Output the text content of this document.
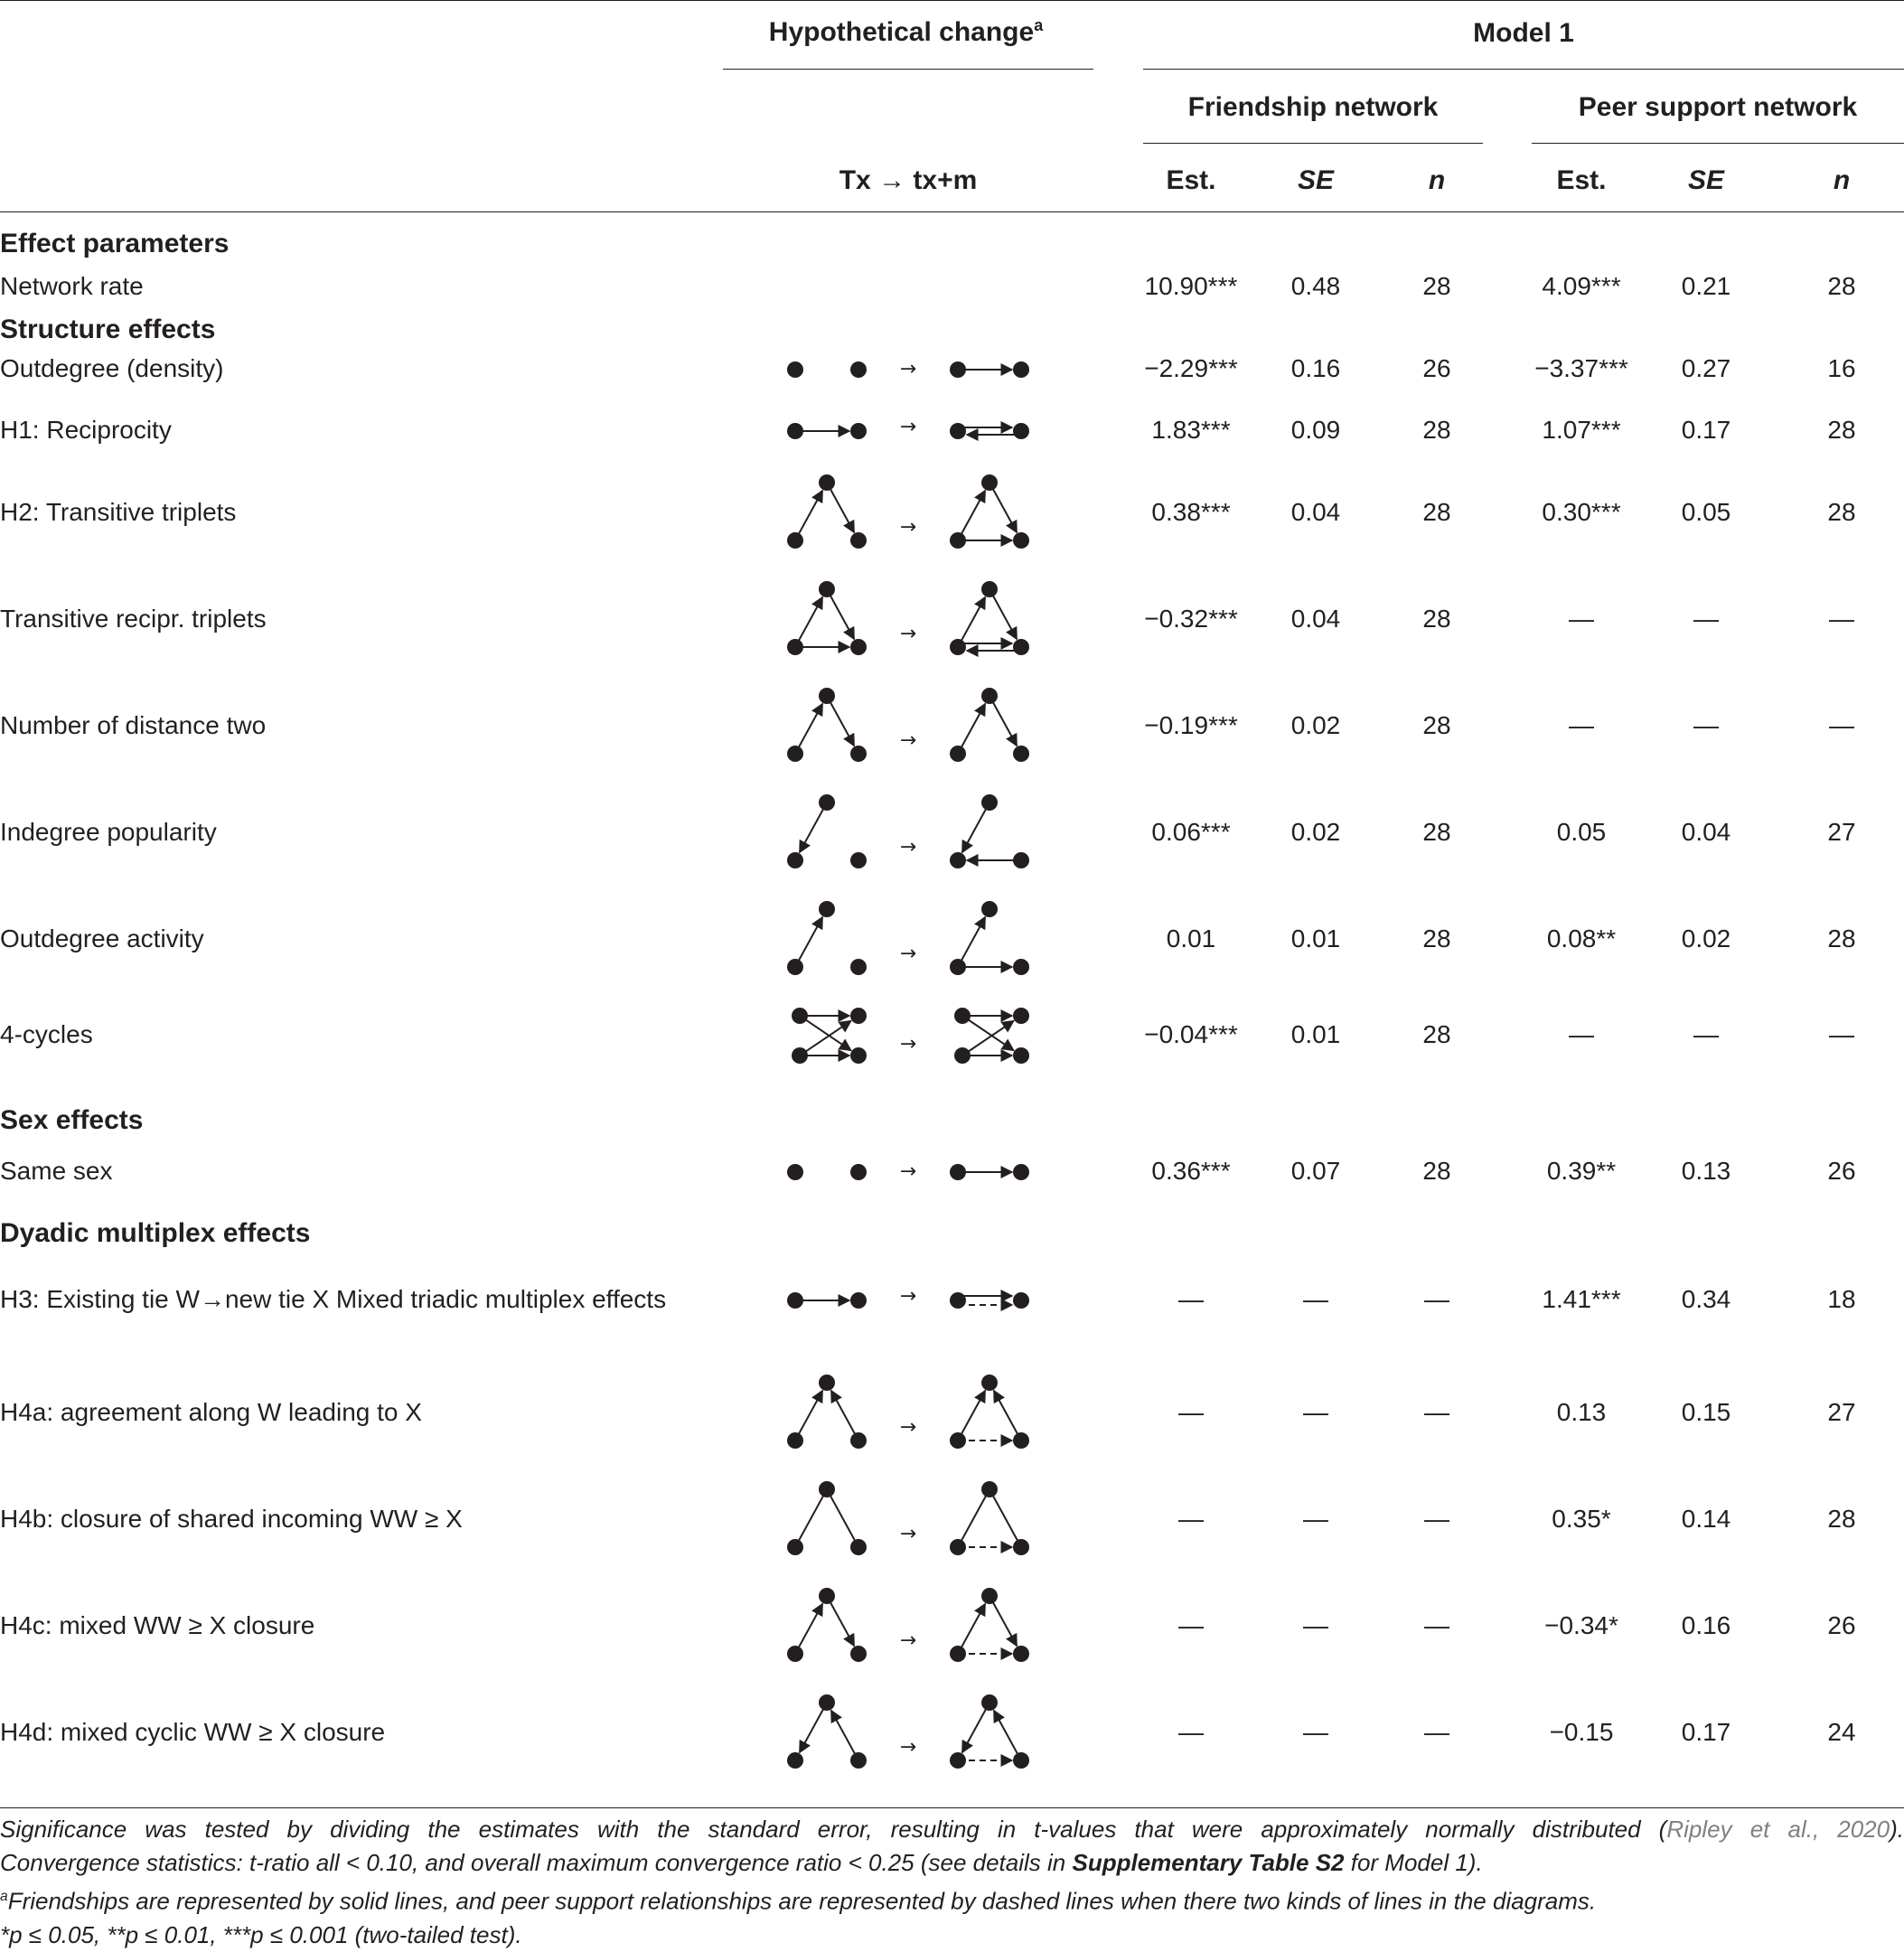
Hypothetical change$^a$	Model 1
Friendship network	Peer support network
Tx → tx+m	Est.	SE	n	Est.	SE	n
Effect parameters
Structure effects
Sex effects
Dyadic multiplex effects
Network rate	10.90***	0.48	28	4.09***	0.21	28
Outdegree (density)	−2.29***	0.16	26	−3.37***	0.27	16
→
H1: Reciprocity	1.83***	0.09	28	1.07***	0.17	28
→
H2: Transitive triplets	0.38***	0.04	28	0.30***	0.05	28
→
Transitive recipr. triplets	−0.32***	0.04	28	—	—	—
→
Number of distance two	−0.19***	0.02	28	—	—	—
→
Indegree popularity	0.06***	0.02	28	0.05	0.04	27
→
Outdegree activity	0.01	0.01	28	0.08**	0.02	28
→
4-cycles	−0.04***	0.01	28	—	—	—
→
Same sex	0.36***	0.07	28	0.39**	0.13	26
→
H3: Existing tie W→new tie X Mixed triadic multiplex effects	—	—	—	1.41***	0.34	18
→
H4a: agreement along W leading to X	—	—	—	0.13	0.15	27
→
H4b: closure of shared incoming WW ≥ X	—	—	—	0.35*	0.14	28
→
H4c: mixed WW ≥ X closure	—	—	—	−0.34*	0.16	26
→
H4d: mixed cyclic WW ≥ X closure	—	—	—	−0.15	0.17	24
→
Significance was tested by dividing the estimates with the standard error, resulting in t-values that were approximately normally distributed (Ripley et al., 2020).
Convergence statistics: t-ratio all < 0.10, and overall maximum convergence ratio < 0.25 (see details in Supplementary Table S2 for Model 1).
$^a$Friendships are represented by solid lines, and peer support relationships are represented by dashed lines when there two kinds of lines in the diagrams.
*p ≤ 0.05, **p ≤ 0.01, ***p ≤ 0.001 (two-tailed test).
